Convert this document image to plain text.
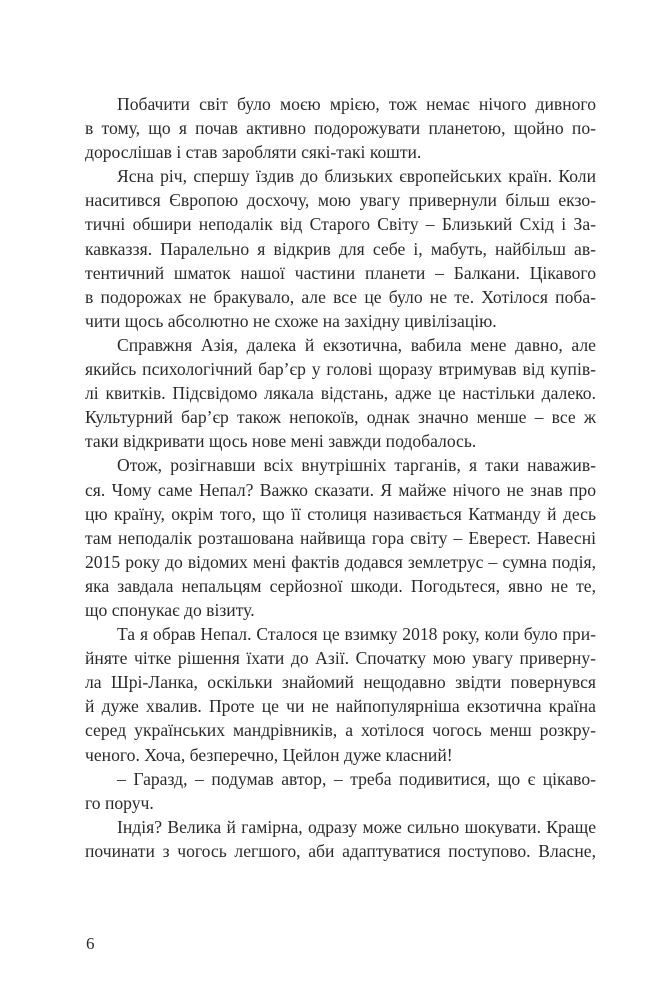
Побачити світ було моєю мрією, тож немає нічого дивного
в тому, що я почав активно подорожувати планетою, щойно по-
дорослішав і став заробляти сякі-такі кошти.
Ясна річ, спершу їздив до близьких європейських країн. Коли
наситився Європою досхочу, мою увагу привернули більш екзо-
тичні обшири неподалік від Старого Світу – Близький Схід і За-
кавказзя. Паралельно я відкрив для себе і, мабуть, найбільш ав-
тентичний шматок нашої частини планети – Балкани. Цікавого
в подорожах не бракувало, але все це було не те. Хотілося поба-
чити щось абсолютно не схоже на західну цивілізацію.
Справжня Азія, далека й екзотична, вабила мене давно, але
якийсь психологічний бар’єр у голові щоразу втримував від купів-
лі квитків. Підсвідомо лякала відстань, адже це настільки далеко.
Культурний бар’єр також непокоїв, однак значно менше – все ж
таки відкривати щось нове мені завжди подобалось.
Отож, розігнавши всіх внутрішніх тарганів, я таки наважив-
ся. Чому саме Непал? Важко сказати. Я майже нічого не знав про
цю країну, окрім того, що її столиця називається Катманду й десь
там неподалік розташована найвища гора світу – Еверест. Навесні
2015 року до відомих мені фактів додався землетрус – сумна подія,
яка завдала непальцям серйозної шкоди. Погодьтеся, явно не те,
що спонукає до візиту.
Та я обрав Непал. Сталося це взимку 2018 року, коли було при-
йняте чітке рішення їхати до Азії. Спочатку мою увагу приверну-
ла Шрі-Ланка, оскільки знайомий нещодавно звідти повернувся
й дуже хвалив. Проте це чи не найпопулярніша екзотична країна
серед українських мандрівників, а хотілося чогось менш розкру-
ченого. Хоча, безперечно, Цейлон дуже класний!
– Гаразд, – подумав автор, – треба подивитися, що є цікаво-
го поруч.
Індія? Велика й гамірна, одразу може сильно шокувати. Краще
починати з чогось легшого, аби адаптуватися поступово. Власне,
6
